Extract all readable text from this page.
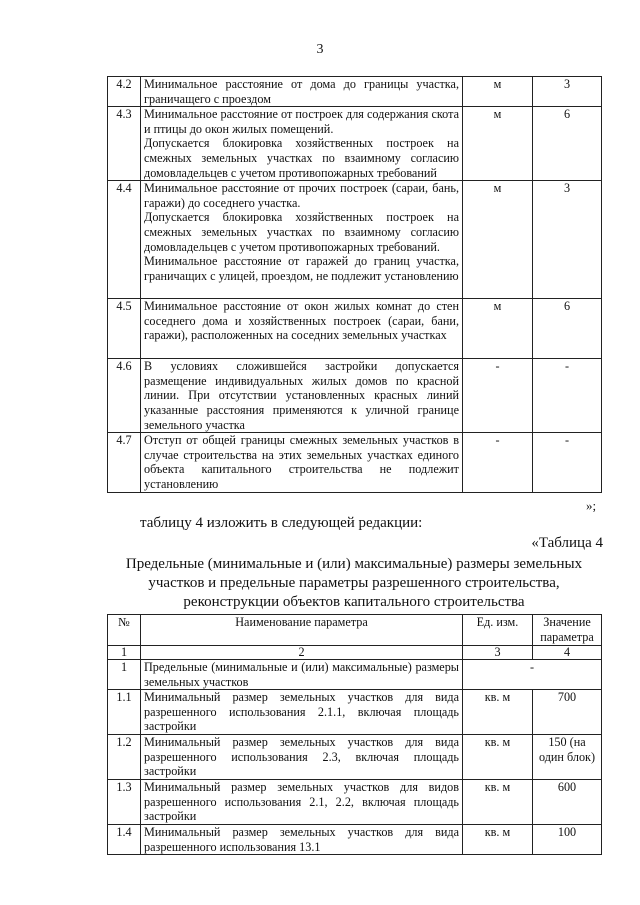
3
4.2	Минимальное расстояние от дома до границы участка, граничащего с проездом	м	3
4.3	Минимальное расстояние от построек для содержания скота и птицы до окон жилых помещений.

Допускается блокировка хозяйственных построек на смежных земельных участках по взаимному согласию домовладельцев с учетом противопожарных требований	м	6
4.4	Минимальное расстояние от прочих построек (сараи, бань, гаражи) до соседнего участка.

Допускается блокировка хозяйственных построек на смежных земельных участках по взаимному согласию домовладельцев с учетом противопожарных требований.

Минимальное расстояние от гаражей до границ участка, граничащих с улицей, проездом, не подлежит установлению	м	3
4.5	Минимальное расстояние от окон жилых комнат до стен соседнего дома и хозяйственных построек (сараи, бани, гаражи), расположенных на соседних земельных участках	м	6
4.6	В условиях сложившейся застройки допускается размещение индивидуальных жилых домов по красной линии. При отсутствии установленных красных линий указанные расстояния применяются к уличной границе земельного участка	-	-
4.7	Отступ от общей границы смежных земельных участков в случае строительства на этих земельных участках единого объекта капитального строительства не подлежит установлению	-	-
»;
таблицу 4 изложить в следующей редакции:
«Таблица 4
Предельные (минимальные и (или) максимальные) размеры земельных участков и предельные параметры разрешенного строительства, реконструкции объектов капитального строительства
№	Наименование параметра	Ед. изм.	Значение параметра
1	2	3	4
1	Предельные (минимальные и (или) максимальные) размеры земельных участков	-	
1.1	Минимальный размер земельных участков для вида разрешенного использования 2.1.1, включая площадь застройки	кв. м	700
1.2	Минимальный размер земельных участков для вида разрешенного использования 2.3, включая площадь застройки	кв. м	150 (на один блок)
1.3	Минимальный размер земельных участков для видов разрешенного использования 2.1, 2.2, включая площадь застройки	кв. м	600
1.4	Минимальный размер земельных участков для вида разрешенного использования 13.1	кв. м	100
